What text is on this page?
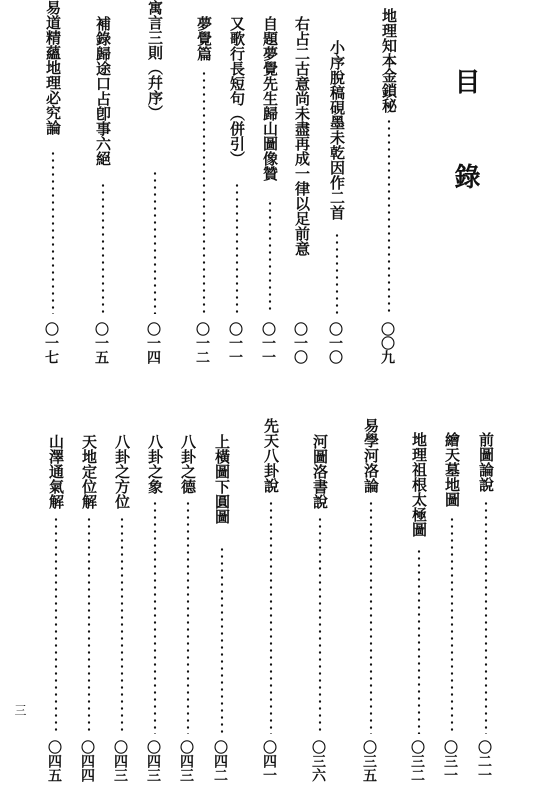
目 錄
地理知本金鎖秘
〇〇九
小序脫稿硯墨未乾因作二首
〇一〇
右占二古意尚未盡再成一律以足前意
〇一〇
自題夢覺先生歸山圖像贊
〇一一
又歌行長短句（併引）
〇一一
夢覺篇
〇一二
寓言三則（幷序）
〇一四
補錄歸途口占卽事六絕
〇一五
易道精蘊地理必究論
〇一七
前圖論說
〇二一
繪天墓地圖
〇三一
地理祖根太極圖
〇三二
易學河洛論
〇三五
河圖洛書說
〇三六
先天八卦說
〇四一
上橫圖下圓圖
〇四二
八卦之德
〇四三
八卦之象
〇四三
八卦之方位
〇四三
天地定位解
〇四四
山澤通氣解
〇四五
三
